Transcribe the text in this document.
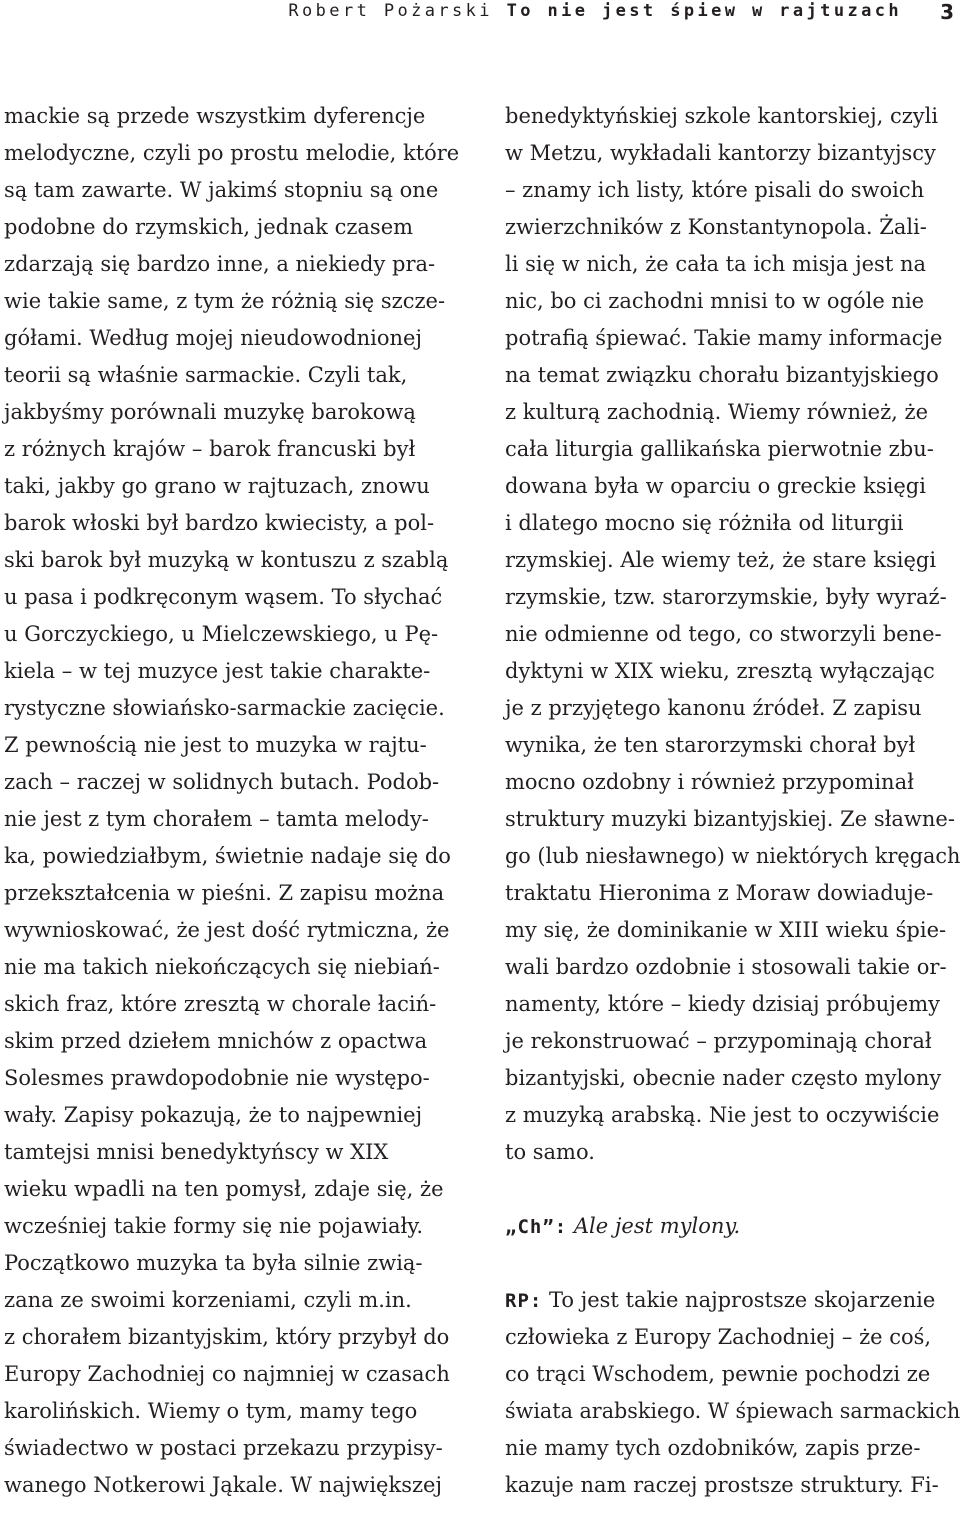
Robert Pożarski To nie jest śpiew w rajtuzach 3
mackie są przede wszystkim dyferencje
melodyczne, czyli po prostu melodie, które
są tam zawarte. W jakimś stopniu są one
podobne do rzymskich, jednak czasem
zdarzają się bardzo inne, a niekiedy pra-
wie takie same, z tym że różnią się szcze-
gółami. Według mojej nieudowodnionej
teorii są właśnie sarmackie. Czyli tak,
jakbyśmy porównali muzykę barokową
z różnych krajów – barok francuski był
taki, jakby go grano w rajtuzach, znowu
barok włoski był bardzo kwiecisty, a pol-
ski barok był muzyką w kontuszu z szablą
u pasa i podkręconym wąsem. To słychać
u Gorczyckiego, u Mielczewskiego, u Pę-
kiela – w tej muzyce jest takie charakte-
rystyczne słowiańsko-sarmackie zacięcie.
Z pewnością nie jest to muzyka w rajtu-
zach – raczej w solidnych butach. Podob-
nie jest z tym chorałem – tamta melody-
ka, powiedziałbym, świetnie nadaje się do
przekształcenia w pieśni. Z zapisu można
wywnioskować, że jest dość rytmiczna, że
nie ma takich niekończących się niebiań-
skich fraz, które zresztą w chorale łaciń-
skim przed dziełem mnichów z opactwa
Solesmes prawdopodobnie nie występo-
wały. Zapisy pokazują, że to najpewniej
tamtejsi mnisi benedyktyńscy w XIX
wieku wpadli na ten pomysł, zdaje się, że
wcześniej takie formy się nie pojawiały.
Początkowo muzyka ta była silnie zwią-
zana ze swoimi korzeniami, czyli m.in.
z chorałem bizantyjskim, który przybył do
Europy Zachodniej co najmniej w czasach
karolińskich. Wiemy o tym, mamy tego
świadectwo w postaci przekazu przypisy-
wanego Notkerowi Jąkale. W największej
benedyktyńskiej szkole kantorskiej, czyli
w Metzu, wykładali kantorzy bizantyjscy
– znamy ich listy, które pisali do swoich
zwierzchników z Konstantynopola. Żali-
li się w nich, że cała ta ich misja jest na
nic, bo ci zachodni mnisi to w ogóle nie
potrafią śpiewać. Takie mamy informacje
na temat związku chorału bizantyjskiego
z kulturą zachodnią. Wiemy również, że
cała liturgia gallikańska pierwotnie zbu-
dowana była w oparciu o greckie księgi
i dlatego mocno się różniła od liturgii
rzymskiej. Ale wiemy też, że stare księgi
rzymskie, tzw. starorzymskie, były wyraź-
nie odmienne od tego, co stworzyli bene-
dyktyni w XIX wieku, zresztą wyłączając
je z przyjętego kanonu źródeł. Z zapisu
wynika, że ten starorzymski chorał był
mocno ozdobny i również przypominał
struktury muzyki bizantyjskiej. Ze sławne-
go (lub niesławnego) w niektórych kręgach
traktatu Hieronima z Moraw dowiaduje-
my się, że dominikanie w XIII wieku śpie-
wali bardzo ozdobnie i stosowali takie or-
namenty, które – kiedy dzisiaj próbujemy
je rekonstruować – przypominają chorał
bizantyjski, obecnie nader często mylony
z muzyką arabską. Nie jest to oczywiście
to samo.
„Ch”: Ale jest mylony.
RP: To jest takie najprostsze skojarzenie
człowieka z Europy Zachodniej – że coś,
co trąci Wschodem, pewnie pochodzi ze
świata arabskiego. W śpiewach sarmackich
nie mamy tych ozdobników, zapis prze-
kazuje nam raczej prostsze struktury. Fi-
